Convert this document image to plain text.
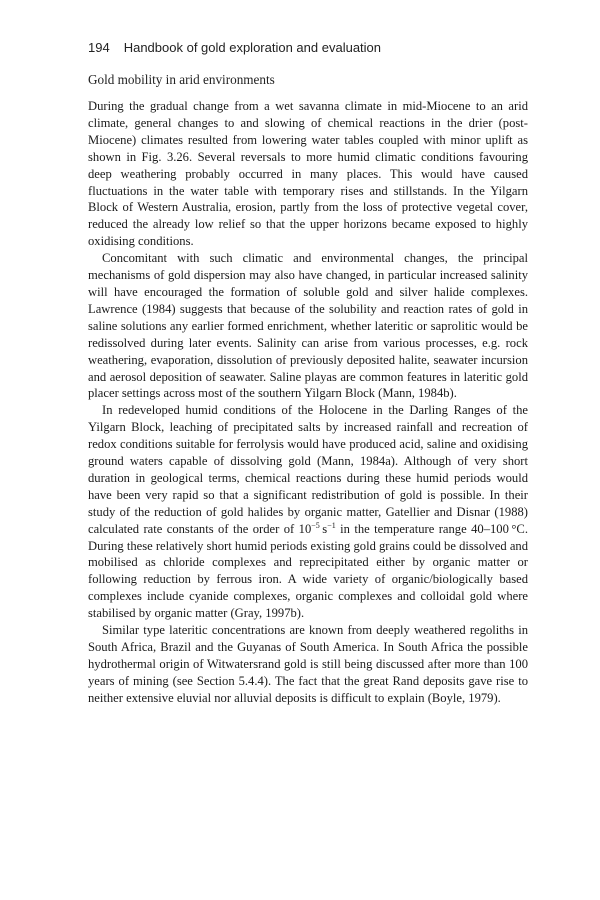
194 Handbook of gold exploration and evaluation
Gold mobility in arid environments

During the gradual change from a wet savanna climate in mid-Miocene to an arid climate, general changes to and slowing of chemical reactions in the drier (post-Miocene) climates resulted from lowering water tables coupled with minor uplift as shown in Fig. 3.26. Several reversals to more humid climatic conditions favouring deep weathering probably occurred in many places. This would have caused fluctuations in the water table with temporary rises and stillstands. In the Yilgarn Block of Western Australia, erosion, partly from the loss of protective vegetal cover, reduced the already low relief so that the upper horizons became exposed to highly oxidising conditions.

Concomitant with such climatic and environmental changes, the principal mechanisms of gold dispersion may also have changed, in particular increased salinity will have encouraged the formation of soluble gold and silver halide complexes. Lawrence (1984) suggests that because of the solubility and reaction rates of gold in saline solutions any earlier formed enrichment, whether lateritic or saprolitic would be redissolved during later events. Salinity can arise from various processes, e.g. rock weathering, evaporation, dissolution of previously deposited halite, seawater incursion and aerosol deposition of seawater. Saline playas are common features in lateritic gold placer settings across most of the southern Yilgarn Block (Mann, 1984b).

In redeveloped humid conditions of the Holocene in the Darling Ranges of the Yilgarn Block, leaching of precipitated salts by increased rainfall and recreation of redox conditions suitable for ferrolysis would have produced acid, saline and oxidising ground waters capable of dissolving gold (Mann, 1984a). Although of very short duration in geological terms, chemical reactions during these humid periods would have been very rapid so that a significant redistribution of gold is possible. In their study of the reduction of gold halides by organic matter, Gatellier and Disnar (1988) calculated rate constants of the order of $10^{-5}$ $s^{-1}$ in the temperature range 40–100 °C. During these relatively short humid periods existing gold grains could be dissolved and mobilised as chloride complexes and reprecipitated either by organic matter or following reduction by ferrous iron. A wide variety of organic/biologically based complexes include cyanide complexes, organic complexes and colloidal gold where stabilised by organic matter (Gray, 1997b).

Similar type lateritic concentrations are known from deeply weathered regoliths in South Africa, Brazil and the Guyanas of South America. In South Africa the possible hydrothermal origin of Witwatersrand gold is still being discussed after more than 100 years of mining (see Section 5.4.4). The fact that the great Rand deposits gave rise to neither extensive eluvial nor alluvial deposits is difficult to explain (Boyle, 1979).
